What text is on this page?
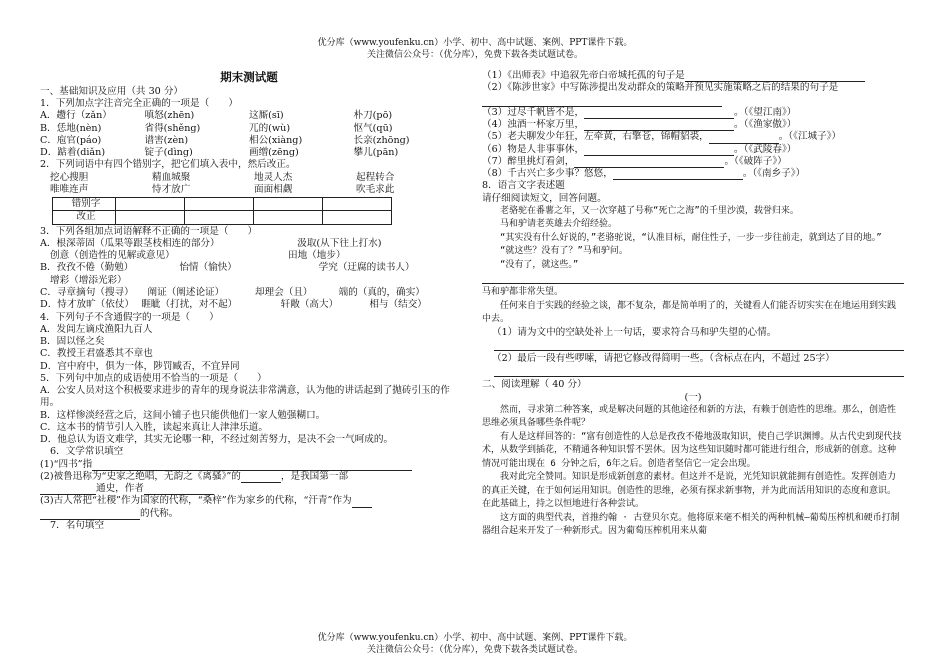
优分库（www.youfenku.cn）小学、初中、高中试题、案例、PPT课件下载。
关注微信公众号：（优分库），免费下载各类试题试卷。
期末测试题

一、基础知识及应用（共 30 分）

1．下列加点字注音完全正确的一项是（　　）

A．趱行（zǎn）	嗔怒(zhēn)	这厮(sī)	朴刀(pō)
B．恁地(nèn)	省得(shěng)	兀的(wù)	怄气(qū)
C．庖官(páo)	谱害(zèn)	相公(xiàng)	长亲(zhōng)
D．踮着(diǎn)	锭子(dìng)	画缯(zēng)	攀儿(pān)

2．下列词语中有四个错别字，把它们填入表中，然后改正。

挖心搜胆	精血城聚	地灵人杰	起程转合
唯唯连声	恃才放广	面面相觑	吹毛求此
错别字				
改正				

3．下列各组加点词语解释不正确的一项是（　　）

A．根深蒂固（瓜果等跟茎枝相连的部分）	汲取(从下往上打水)
创意（创造性的见解或意见）	田地（地步）
B．孜孜不倦（勤勉）	怡情（愉快）	学究（迂腐的读书人）
增彩（增添光彩）
C．寻章摘句（搜寻）	阐证（阐述论证）	却理会（且）	端的（真的，确实）
D．恃才放旷（依仗） 睚眦（打扰，对不起）	轩敞（高大）	相与（结交）

4．下列句子不含通假字的一项是（　　）

A．发闾左谪戍渔阳九百人

B．固以怪之矣

C．教授王君盛悉其不章也

D．宫中府中，俱为一体，陟罚臧否，不宜异同

5．下列句中加点的成语使用不恰当的一项是（　　）

A．公安人员对这个积极要求进步的青年的现身说法非常满意，认为他的讲话起到了抛砖引玉的作用。

B．这样惨淡经营之后，这间小铺子也只能供他们一家人勉强糊口。

C．这本书的情节引人入胜，读起来真让人津津乐道。

D．他总认为语文难学，其实无论哪一种，不经过刻苦努力，是决不会一气呵成的。

6．文学常识填空

(1)“四书”指

(2)被鲁迅称为“史家之绝唱，无韵之《离骚》”的	，是我国第一部

通史，作者

(3)古人常把“社稷”作为国家的代称，“桑梓”作为家乡的代称，“汗青”作为

的代称。

7．名句填空

（1）《出师表》中追叙先帝白帝城托孤的句子是

（2）《陈涉世家》中写陈涉提出发动群众的策略并预见实施策略之后的结果的句子是

（3）过尽千帆皆不是，	。（《望江南》）

（4）浊酒一杯家万里，	。（《渔家傲》）

（5）老夫聊发少年狂，左牵黄，右擎苍，锦帽貂裘，	。（《江城子》）

（6）物是人非事事休，	。（《武陵春》）

（7）醉里挑灯看剑，	。（《破阵子》）

（8）千古兴亡多少事？悠悠，	。（《南乡子》）

8．语言文字表述题

请仔细阅读短文，回答问题。

老骆驼在番薯之年，又一次穿越了号称“死亡之海”的千里沙漠，载誉归来。

马和驴请老英雄去介绍经验。

“其实没有什么好说的，”老骆驼说，“认准目标，耐住性子，一步一步往前走，就到达了目的地。”

“就这些？没有了？”马和驴问。

“没有了，就这些。”

马和驴都非常失望。

任何来自于实践的经验之谈，都不复杂，都是简单明了的，关键看人们能否切实实在在地运用到实践中去。

（1）请为文中的空缺处补上一句话，要求符合马和驴失望的心情。

（2）最后一段有些啰嗦，请把它修改得简明一些。（含标点在内，不超过 25字）

二、阅读理解（ 40 分）

(一)

然而，寻求第二种答案，或是解决问题的其他途径和新的方法，有赖于创造性的思维。那么，创造性思维必须具备哪些条件呢？

有人是这样回答的：“富有创造性的人总是孜孜不倦地汲取知识，使自己学识渊博。从古代史到现代技术，从数学到插花，不精通各种知识誓不罢休。因为这些知识随时都可能进行组合，形成新的创意。这种情况可能出现在 6 分钟之后，6年之后。创造者坚信它一定会出现。

我对此完全赞同。知识是形成新创意的素材。但这并不是说，光凭知识就能拥有创造性。发挥创造力的真正关键，在于如何运用知识。创造性的思维，必须有探求新事物，并为此而活用知识的态度和意识。在此基础上，持之以恒地进行各种尝试。

这方面的典型代表，首推约翰 · 古登贝尔克。他将原来毫不相关的两种机械—葡萄压榨机和硬币打制器组合起来开发了一种新形式。因为葡萄压榨机用来从葡

优分库（www.youfenku.cn）小学、初中、高中试题、案例、PPT课件下载。
关注微信公众号：（优分库），免费下载各类试题试卷。
